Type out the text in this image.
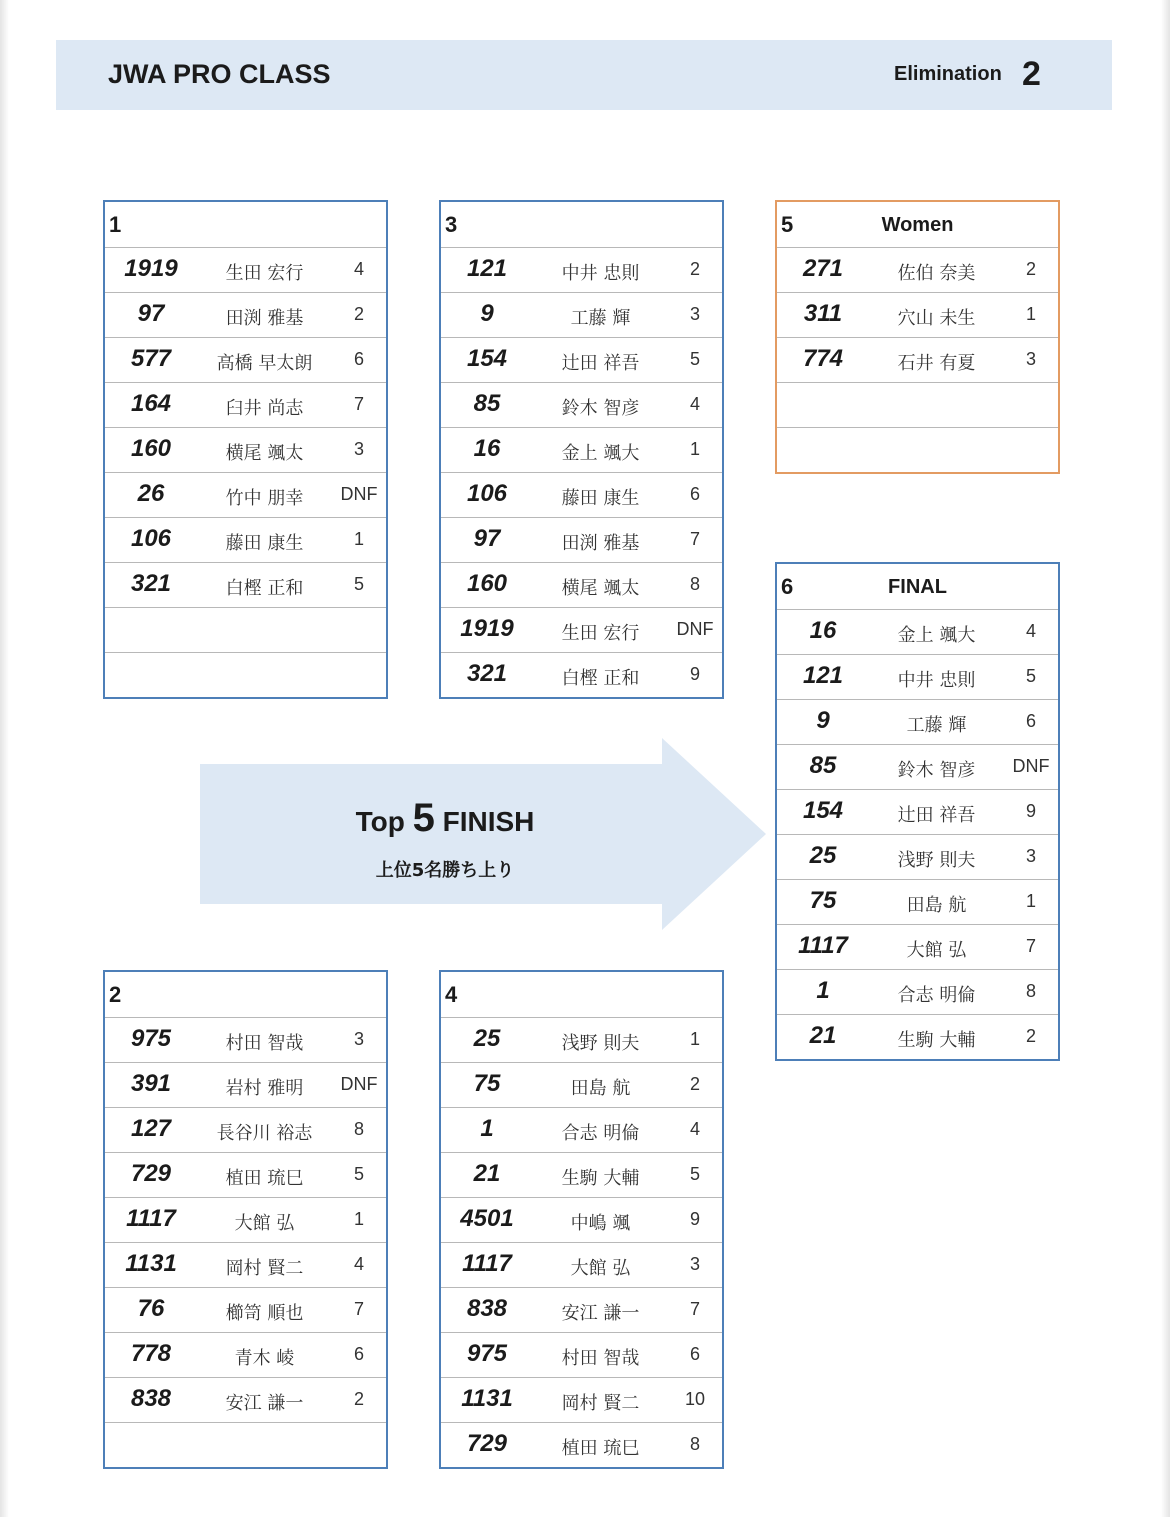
JWA PRO CLASS	Elimination 2
1
1919	生田 宏行	4
97	田渕 雅基	2
577	高橋 早太朗	6
164	臼井 尚志	7
160	横尾 颯太	3
26	竹中 朋幸	DNF
106	藤田 康生	1
321	白樫 正和	5
2
975	村田 智哉	3
391	岩村 雅明	DNF
127	長谷川 裕志	8
729	植田 琉巳	5
1117	大館 弘	1
1131	岡村 賢二	4
76	櫛笥 順也	7
778	青木 崚	6
838	安江 謙一	2
3
121	中井 忠則	2
9	工藤 輝	3
154	辻田 祥吾	5
85	鈴木 智彦	4
16	金上 颯大	1
106	藤田 康生	6
97	田渕 雅基	7
160	横尾 颯太	8
1919	生田 宏行	DNF
321	白樫 正和	9
4
25	浅野 則夫	1
75	田島 航	2
1	合志 明倫	4
21	生駒 大輔	5
4501	中嶋 颯	9
1117	大館 弘	3
838	安江 謙一	7
975	村田 智哉	6
1131	岡村 賢二	10
729	植田 琉巳	8
5	Women
271	佐伯 奈美	2
311	穴山 未生	1
774	石井 有夏	3
6	FINAL
16	金上 颯大	4
121	中井 忠則	5
9	工藤 輝	6
85	鈴木 智彦	DNF
154	辻田 祥吾	9
25	浅野 則夫	3
75	田島 航	1
1117	大館 弘	7
1	合志 明倫	8
21	生駒 大輔	2
Top 5 FINISH
上位5名勝ち上り
